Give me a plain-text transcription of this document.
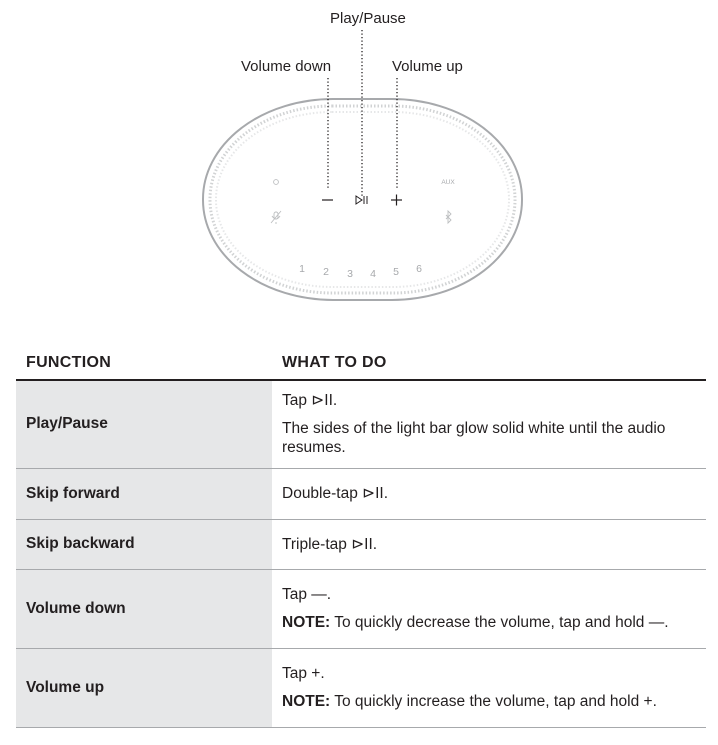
Play/Pause
Volume down	Volume up
AUX
1 2 3 4 5 6
FUNCTION	WHAT TO DO
Play/Pause	Tap ⊳II.

The sides of the light bar glow solid white until the audio resumes.

Skip forward	Double-tap ⊳II.

Skip backward	Triple-tap ⊳II.

Volume down	Tap —.

NOTE: To quickly decrease the volume, tap and hold —.

Volume up	Tap +.

NOTE: To quickly increase the volume, tap and hold +.
